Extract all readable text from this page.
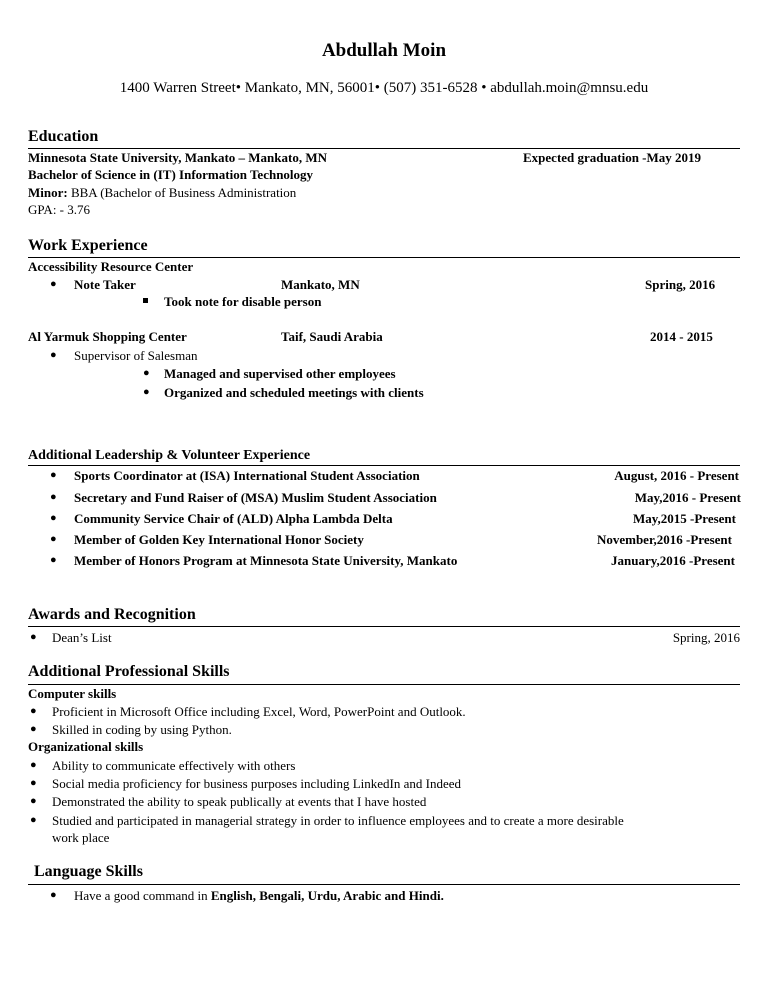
Abdullah Moin
1400 Warren Street• Mankato, MN, 56001• (507) 351-6528 • abdullah.moin@mnsu.edu
Education
Minnesota State University, Mankato – Mankato, MN	Expected graduation -May 2019
Bachelor of Science in (IT) Information Technology
Minor: BBA (Bachelor of Business Administration
GPA: - 3.76
Work Experience
Accessibility Resource Center
● Note Taker	Mankato, MN	Spring, 2016
Took note for disable person
Al Yarmuk Shopping Center	Taif, Saudi Arabia	2014 - 2015
● Supervisor of Salesman
● Managed and supervised other employees
● Organized and scheduled meetings with clients
Additional Leadership & Volunteer Experience
● Sports Coordinator at (ISA) International Student Association	August, 2016 - Present
● Secretary and Fund Raiser of (MSA) Muslim Student Association	May,2016 - Present
● Community Service Chair of (ALD) Alpha Lambda Delta	May,2015 -Present
● Member of Golden Key International Honor Society	November,2016 -Present
● Member of Honors Program at Minnesota State University, Mankato	January,2016 -Present
Awards and Recognition
● Dean’s List	Spring, 2016
Additional Professional Skills
Computer skills
● Proficient in Microsoft Office including Excel, Word, PowerPoint and Outlook.
● Skilled in coding by using Python.
Organizational skills
● Ability to communicate effectively with others
● Social media proficiency for business purposes including LinkedIn and Indeed
● Demonstrated the ability to speak publically at events that I have hosted
● Studied and participated in managerial strategy in order to influence employees and to create a more desirable
work place
Language Skills
● Have a good command in English, Bengali, Urdu, Arabic and Hindi.
